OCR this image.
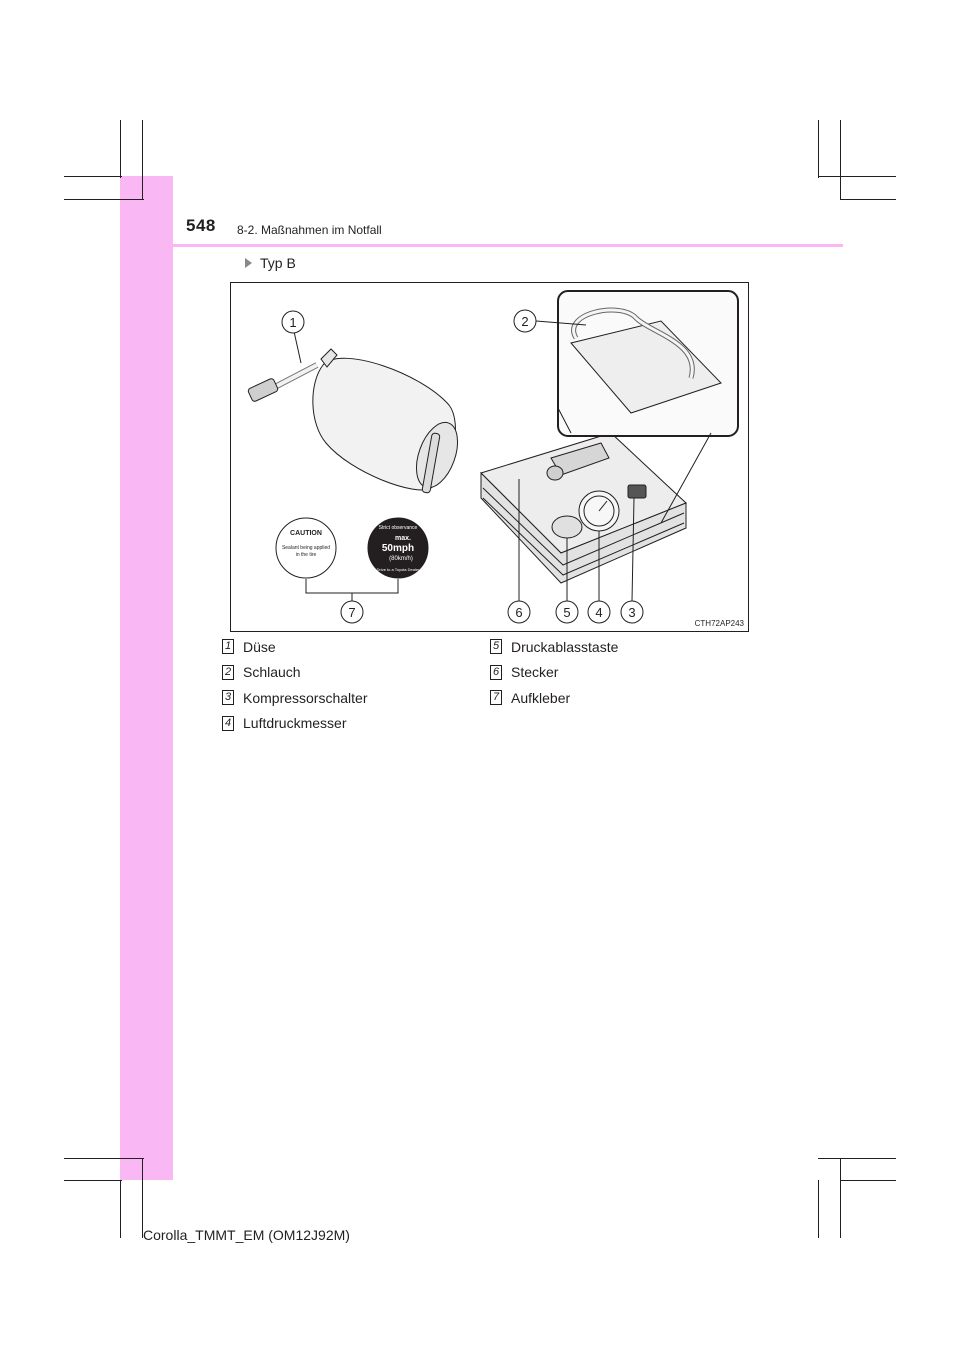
548 8-2. Maßnahmen im Notfall
Typ B
CAUTION
Sealant being applied
in the tire
Strict observance
max.
50mph
(80km/h)
Drive to a Toyota Dealer
1	2
3
4
5
6
7
CTH72AP243
1 Düse
2 Schlauch
3 Kompressorschalter
4 Luftdruckmesser
5 Druckablasstaste
6 Stecker
7 Aufkleber
Corolla_TMMT_EM (OM12J92M)
